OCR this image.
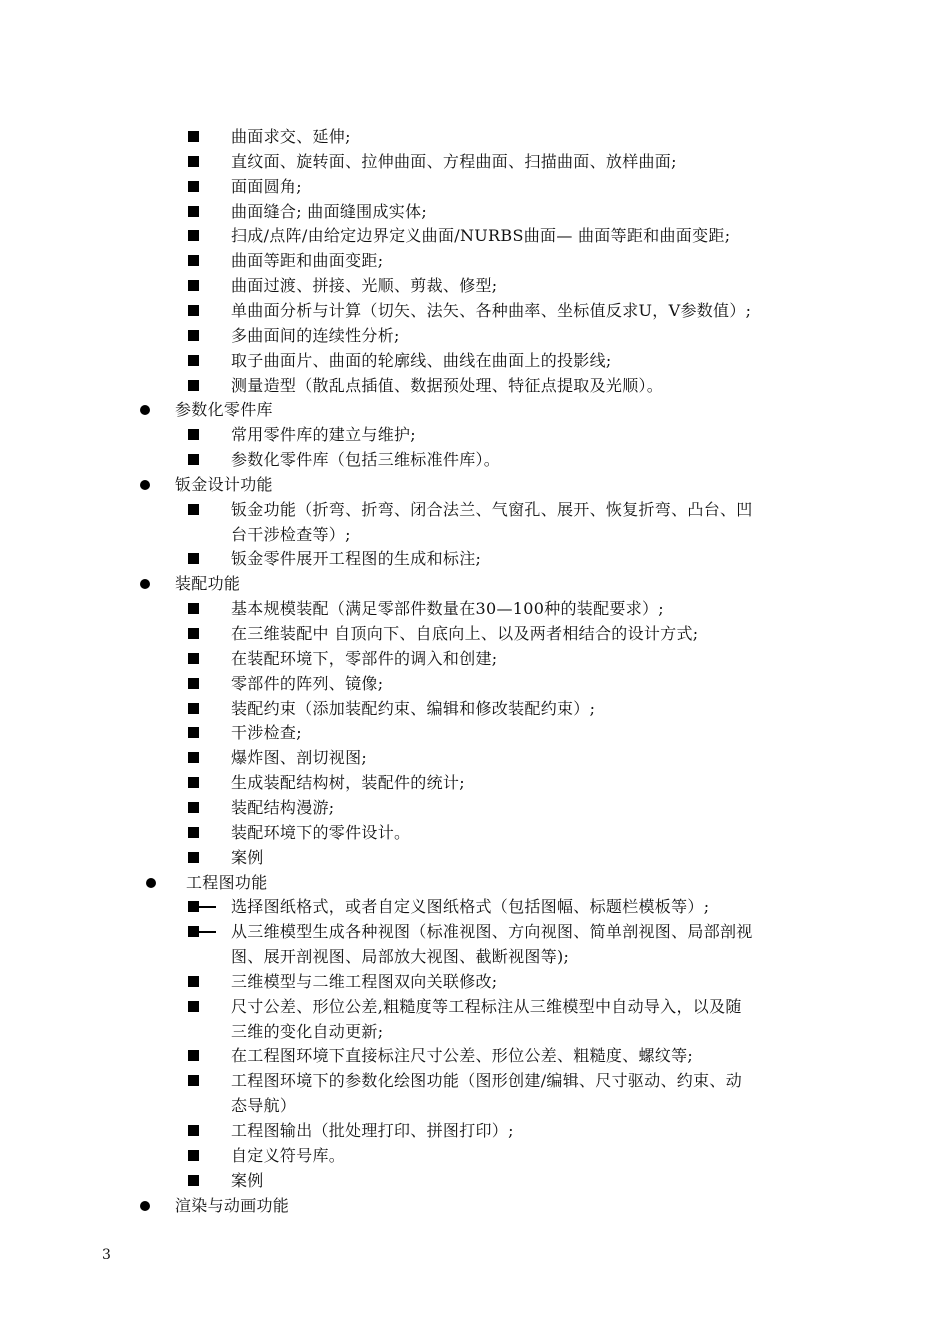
曲面求交、延伸;
直纹面、旋转面、拉伸曲面、方程曲面、扫描曲面、放样曲面;
面面圆角;
曲面缝合; 曲面缝围成实体;
扫成/点阵/由给定边界定义曲面/NURBS曲面— 曲面等距和曲面变距;
曲面等距和曲面变距;
曲面过渡、拼接、光顺、剪裁、修型;
单曲面分析与计算（切矢、法矢、各种曲率、坐标值反求U，V参数值）;
多曲面间的连续性分析;
取子曲面片、曲面的轮廓线、曲线在曲面上的投影线;
测量造型（散乱点插值、数据预处理、特征点提取及光顺）。
参数化零件库
常用零件库的建立与维护;
参数化零件库（包括三维标准件库）。
钣金设计功能
钣金功能（折弯、折弯、闭合法兰、气窗孔、展开、恢复折弯、凸台、凹
台干涉检查等）;
钣金零件展开工程图的生成和标注;
装配功能
基本规模装配（满足零部件数量在30—100种的装配要求）;
在三维装配中 自顶向下、自底向上、以及两者相结合的设计方式;
在装配环境下，零部件的调入和创建;
零部件的阵列、镜像;
装配约束（添加装配约束、编辑和修改装配约束）;
干涉检查;
爆炸图、剖切视图;
生成装配结构树，装配件的统计;
装配结构漫游;
装配环境下的零件设计。
案例
工程图功能
选择图纸格式，或者自定义图纸格式（包括图幅、标题栏模板等）;
从三维模型生成各种视图（标准视图、方向视图、简单剖视图、局部剖视
图、展开剖视图、局部放大视图、截断视图等);
三维模型与二维工程图双向关联修改;
尺寸公差、形位公差,粗糙度等工程标注从三维模型中自动导入，以及随
三维的变化自动更新;
在工程图环境下直接标注尺寸公差、形位公差、粗糙度、螺纹等;
工程图环境下的参数化绘图功能（图形创建/编辑、尺寸驱动、约束、动
态导航）
工程图输出（批处理打印、拼图打印）;
自定义符号库。
案例
渲染与动画功能
3
